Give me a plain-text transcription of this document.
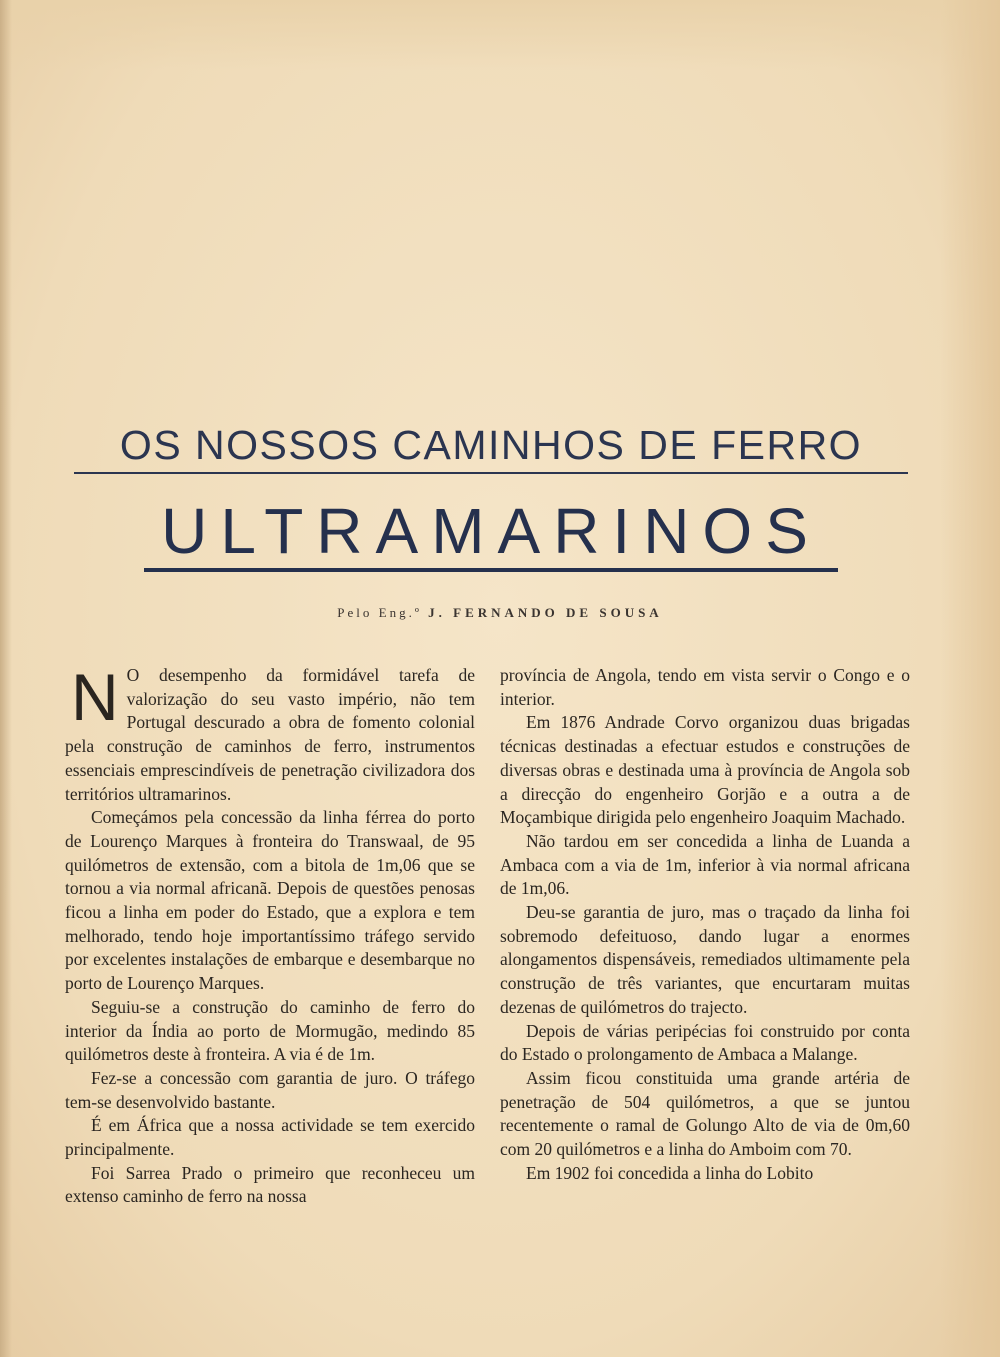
OS NOSSOS CAMINHOS DE FERRO
ULTRAMARINOS
Pelo Eng.º J. FERNANDO DE SOUSA

N O desempenho da formidável tarefa de valorização do seu vasto império, não tem Portugal descurado a obra de fomento colonial pela construção de caminhos de ferro, instrumentos essenciais emprescindíveis de penetração civilizadora dos territórios ultramarinos.

Começámos pela concessão da linha férrea do porto de Lourenço Marques à fronteira do Transwaal, de 95 quilómetros de extensão, com a bitola de 1m,06 que se tornou a via normal africanã. Depois de questões penosas ficou a linha em poder do Estado, que a explora e tem melhorado, tendo hoje importantíssimo tráfego servido por excelentes instalações de embarque e desembarque no porto de Lourenço Marques.

Seguiu-se a construção do caminho de ferro do interior da Índia ao porto de Mormugão, medindo 85 quilómetros deste à fronteira. A via é de 1m.

Fez-se a concessão com garantia de juro. O tráfego tem-se desenvolvido bastante.

É em África que a nossa actividade se tem exercido principalmente.

Foi Sarrea Prado o primeiro que reconheceu um extenso caminho de ferro na nossa

província de Angola, tendo em vista servir o Congo e o interior.

Em 1876 Andrade Corvo organizou duas brigadas técnicas destinadas a efectuar estudos e construções de diversas obras e destinada uma à província de Angola sob a direcção do engenheiro Gorjão e a outra a de Moçambique dirigida pelo engenheiro Joaquim Machado.

Não tardou em ser concedida a linha de Luanda a Ambaca com a via de 1m, inferior à via normal africana de 1m,06.

Deu-se garantia de juro, mas o traçado da linha foi sobremodo defeituoso, dando lugar a enormes alongamentos dispensáveis, remediados ultimamente pela construção de três variantes, que encurtaram muitas dezenas de quilómetros do trajecto.

Depois de várias peripécias foi construido por conta do Estado o prolongamento de Ambaca a Malange.

Assim ficou constituida uma grande artéria de penetração de 504 quilómetros, a que se juntou recentemente o ramal de Golungo Alto de via de 0m,60 com 20 quilómetros e a linha do Amboim com 70.

Em 1902 foi concedida a linha do Lobito
